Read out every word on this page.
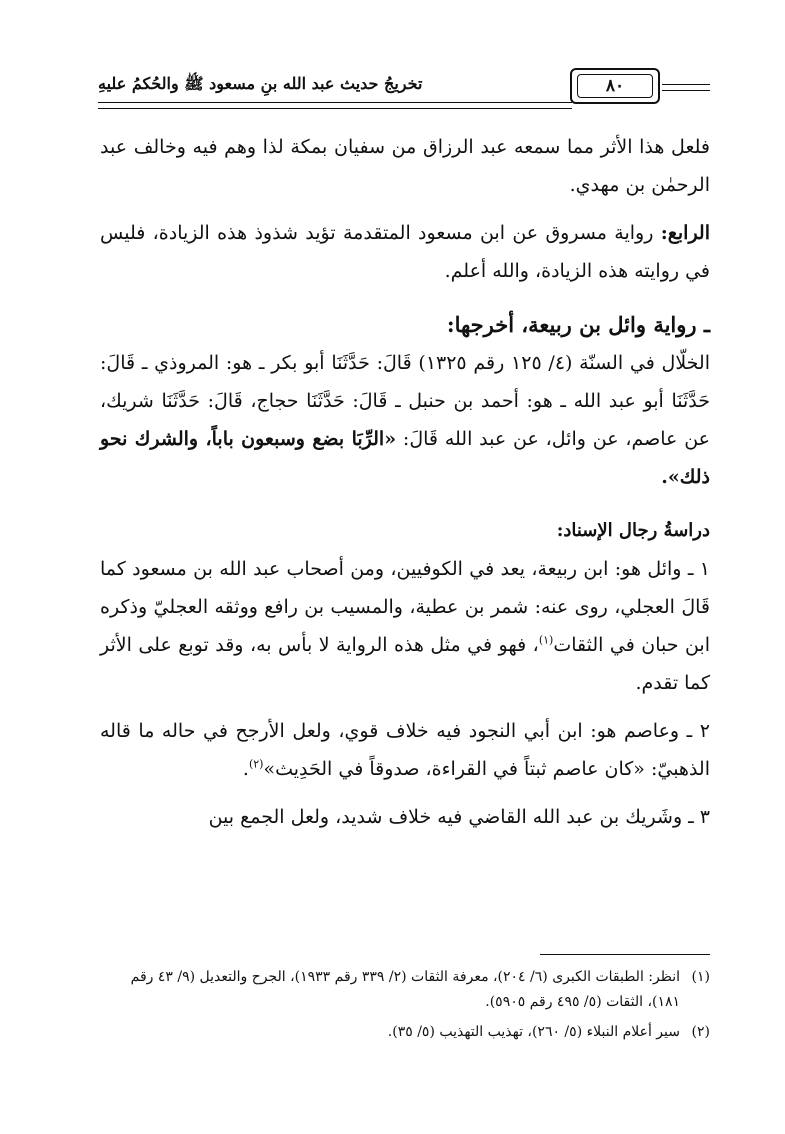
٨٠
تخريجُ حديث عبد الله بنِ مسعود ﷺ والحُكمُ عليهِ

فلعل هذا الأثر مما سمعه عبد الرزاق من سفيان بمكة لذا وهم فيه وخالف عبد الرحمٰن بن مهدي.

الرابع: رواية مسروق عن ابن مسعود المتقدمة تؤيد شذوذ هذه الزيادة، فليس في روايته هذه الزيادة، والله أعلم.

ـ رواية وائل بن ربيعة، أخرجها:

الخلّال في السنّة (٤/ ١٢٥ رقم ١٣٢٥) قَالَ: حَدَّثَنَا أبو بكر ـ هو: المروذي ـ قَالَ: حَدَّثَنَا أبو عبد الله ـ هو: أحمد بن حنبل ـ قَالَ: حَدَّثَنَا حجاج، قَالَ: حَدَّثَنَا شريك، عن عاصم، عن وائل، عن عبد الله قَالَ: «الرِّبَا بضع وسبعون باباً، والشرك نحو ذلك».

دراسةُ رجال الإسناد:

١ ـ وائل هو: ابن ربيعة، يعد في الكوفيين، ومن أصحاب عبد الله بن مسعود كما قَالَ العجلي، روى عنه: شمر بن عطية، والمسيب بن رافع ووثقه العجليّ وذكره ابن حبان في الثقات$^{(١)}$، فهو في مثل هذه الرواية لا بأس به، وقد توبع على الأثر كما تقدم.

٢ ـ وعاصم هو: ابن أبي النجود فيه خلاف قوي، ولعل الأرجح في حاله ما قاله الذهبيّ: «كان عاصم ثبتاً في القراءة، صدوقاً في الحَدِيث»$^{(٢)}$.

٣ ـ وشَريك بن عبد الله القاضي فيه خلاف شديد، ولعل الجمع بين

(١)
انظر: الطبقات الكبرى (٦/ ٢٠٤)، معرفة الثقات (٢/ ٣٣٩ رقم ١٩٣٣)، الجرح والتعديل (٩/ ٤٣ رقم ١٨١)، الثقات (٥/ ٤٩٥ رقم ٥٩٠٥).

(٢)
سير أعلام النبلاء (٥/ ٢٦٠)، تهذيب التهذيب (٥/ ٣٥).
